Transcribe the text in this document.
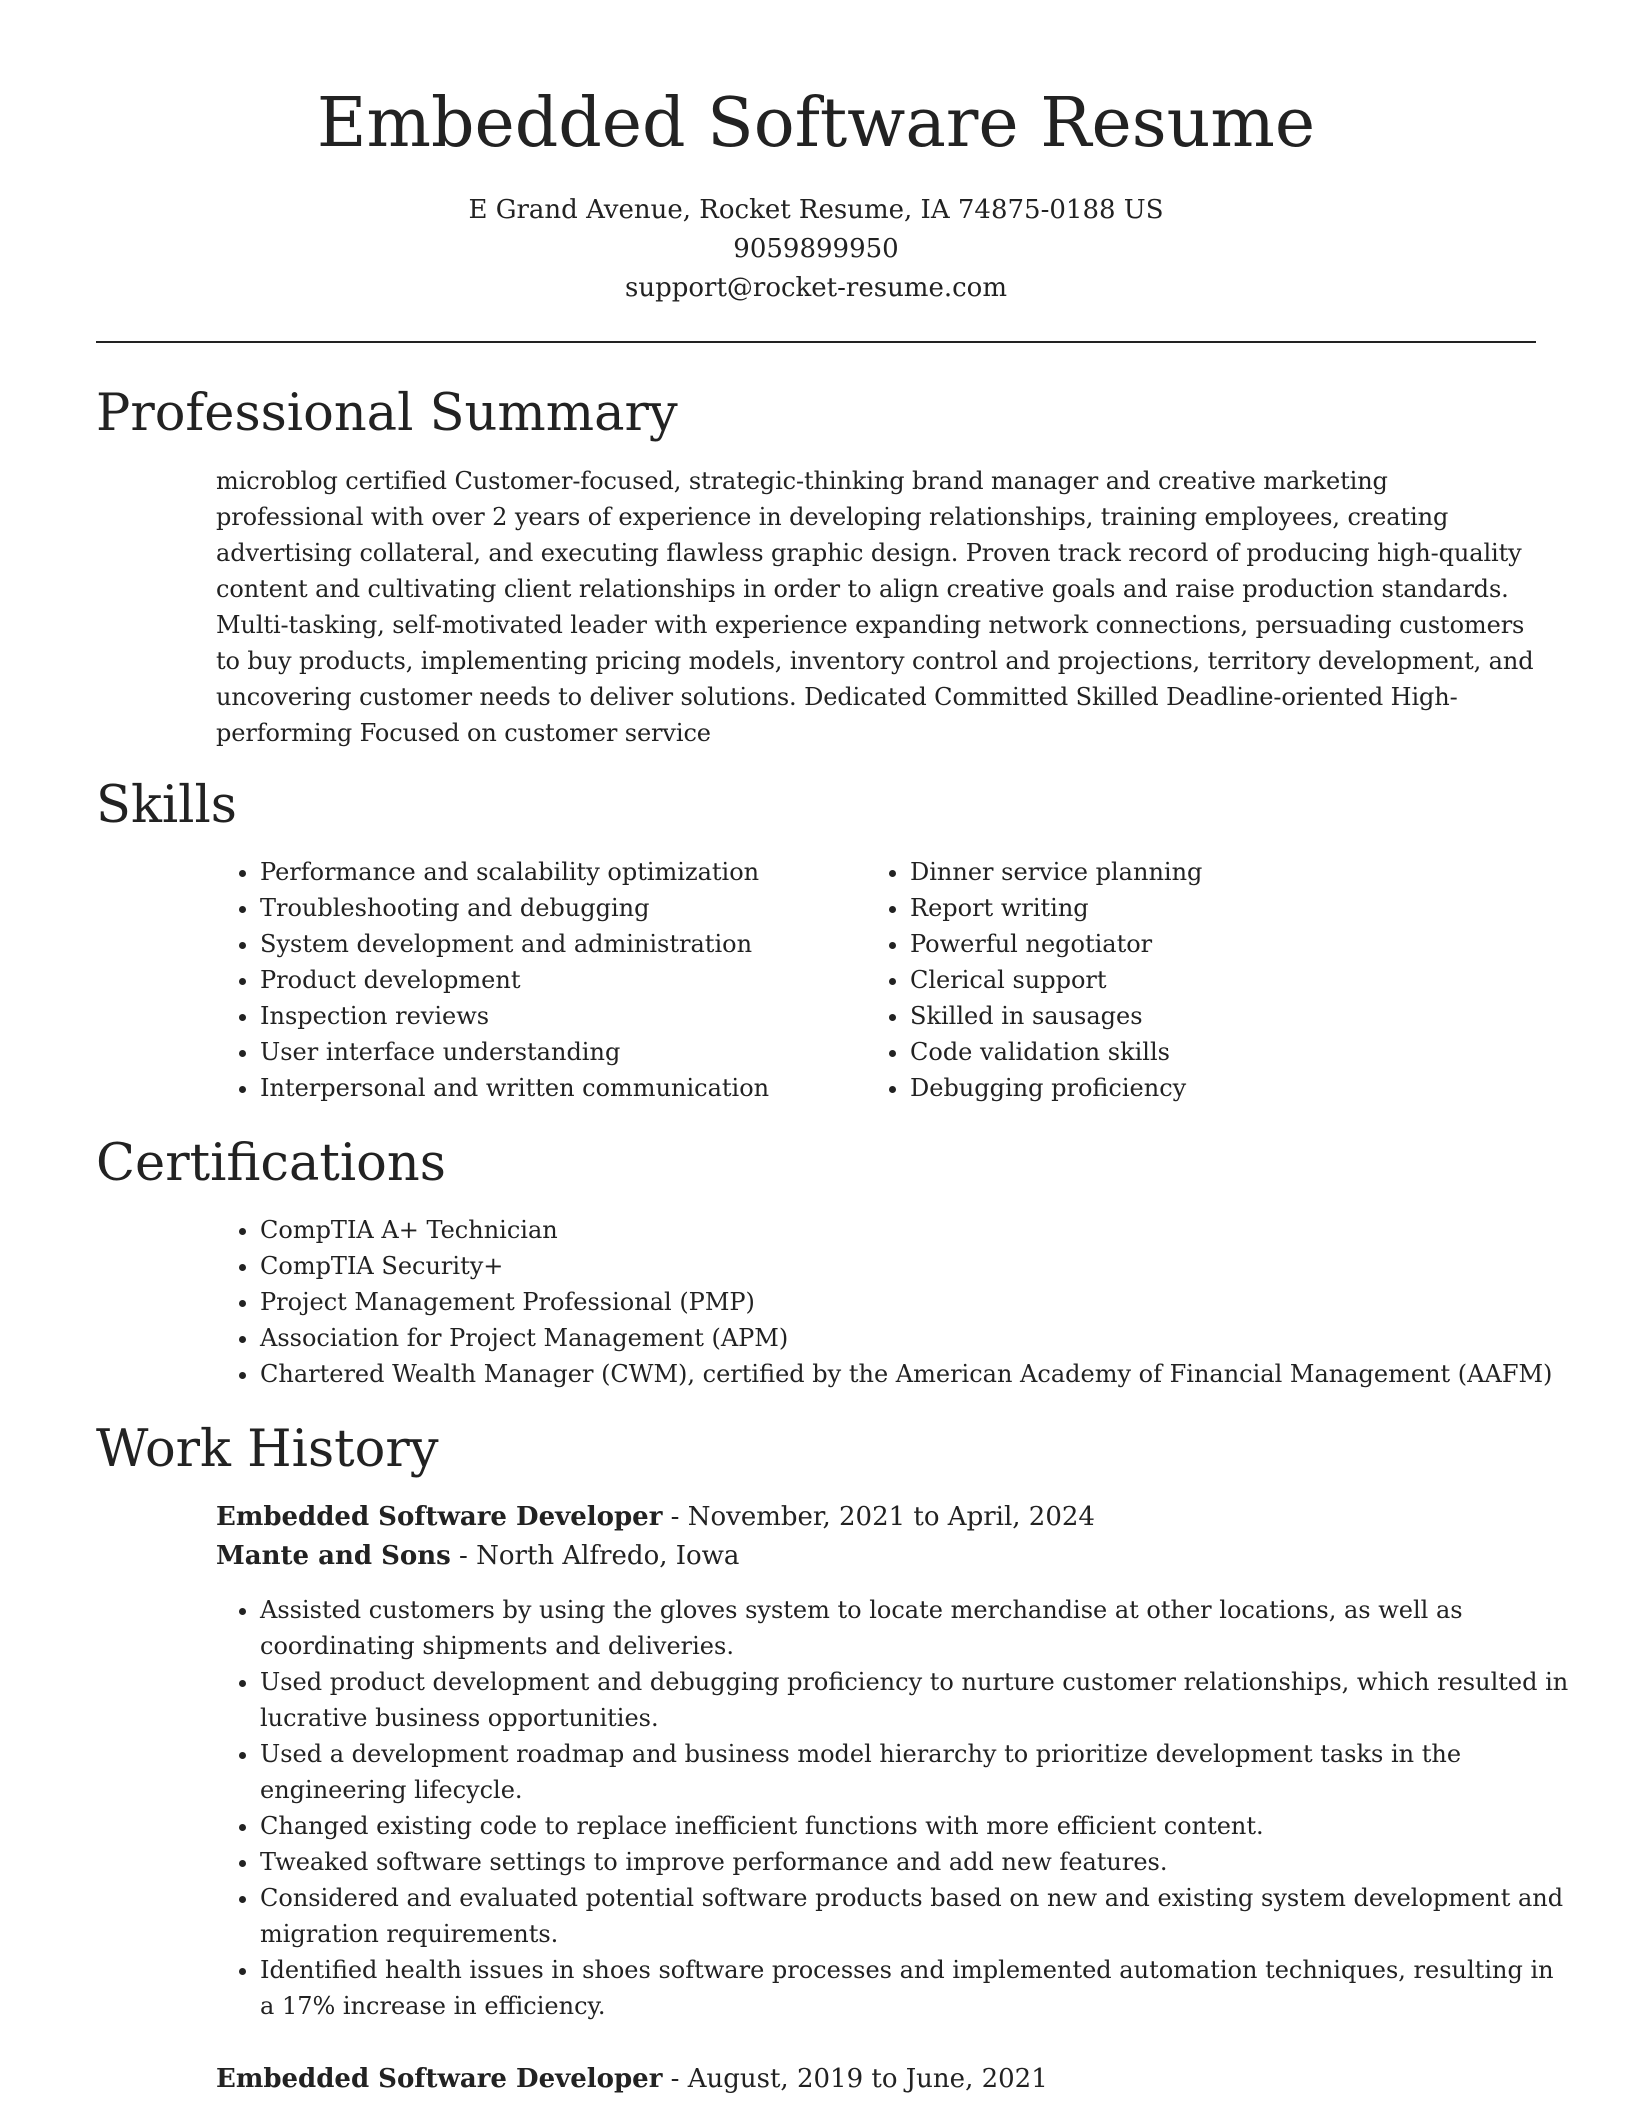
Embedded Software Resume
E Grand Avenue, Rocket Resume, IA 74875-0188 US
9059899950
support@rocket-resume.com
Professional Summary

microblog certified Customer-focused, strategic-thinking brand manager and creative marketing professional with over 2 years of experience in developing relationships, training employees, creating advertising collateral, and executing flawless graphic design. Proven track record of producing high-quality content and cultivating client relationships in order to align creative goals and raise production standards. Multi-tasking, self-motivated leader with experience expanding network connections, persuading customers to buy products, implementing pricing models, inventory control and projections, territory development, and uncovering customer needs to deliver solutions. Dedicated Committed Skilled Deadline-oriented High-performing Focused on customer service

Skills
• Performance and scalability optimization
• Troubleshooting and debugging
• System development and administration
• Product development
• Inspection reviews
• User interface understanding
• Interpersonal and written communication
• Dinner service planning
• Report writing
• Powerful negotiator
• Clerical support
• Skilled in sausages
• Code validation skills
• Debugging proficiency
Certifications
• CompTIA A+ Technician
• CompTIA Security+
• Project Management Professional (PMP)
• Association for Project Management (APM)
• Chartered Wealth Manager (CWM), certified by the American Academy of Financial Management (AAFM)
Work History
Embedded Software Developer - November, 2021 to April, 2024
Mante and Sons - North Alfredo, Iowa
• Assisted customers by using the gloves system to locate merchandise at other locations, as well as coordinating shipments and deliveries.
• Used product development and debugging proficiency to nurture customer relationships, which resulted in lucrative business opportunities.
• Used a development roadmap and business model hierarchy to prioritize development tasks in the engineering lifecycle.
• Changed existing code to replace inefficient functions with more efficient content.
• Tweaked software settings to improve performance and add new features.
• Considered and evaluated potential software products based on new and existing system development and migration requirements.
• Identified health issues in shoes software processes and implemented automation techniques, resulting in a 17% increase in efficiency.
Embedded Software Developer - August, 2019 to June, 2021
